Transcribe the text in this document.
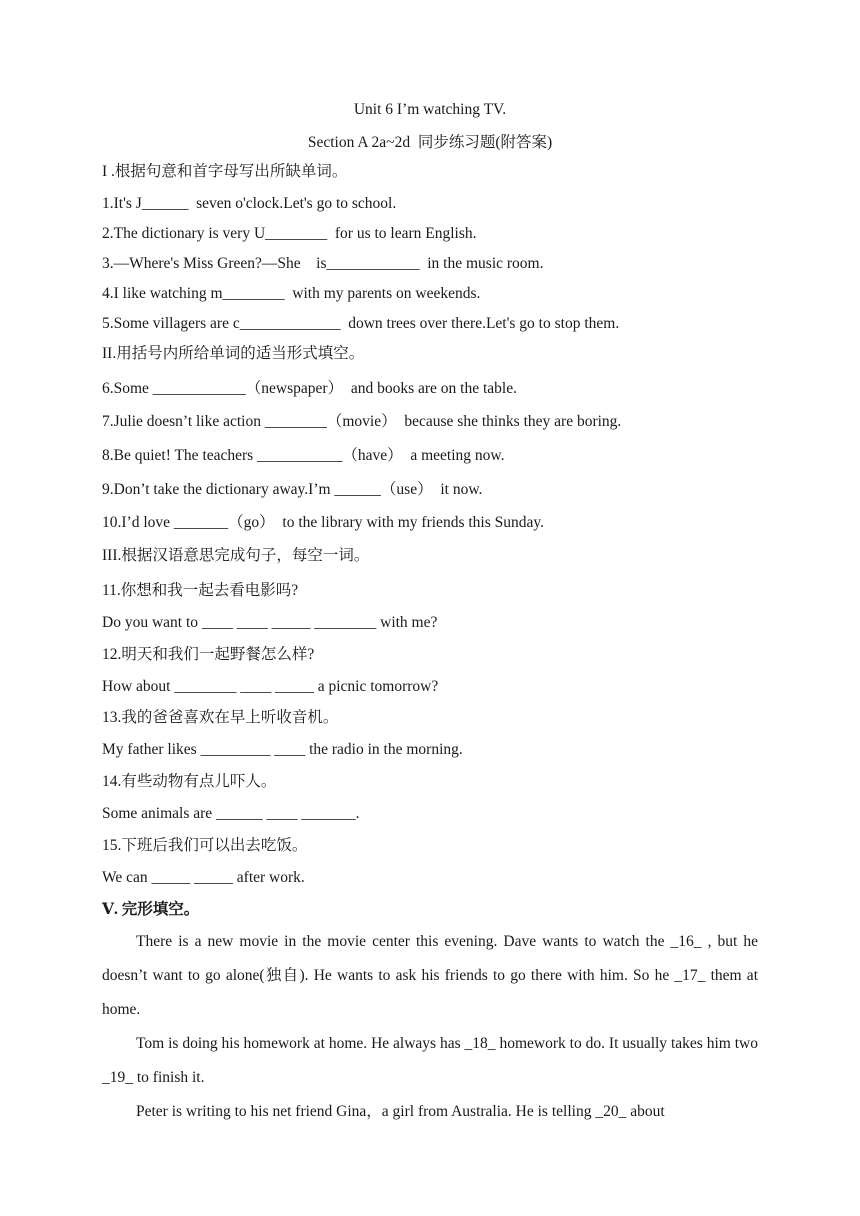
Unit 6 I’m watching TV.
Section A 2a~2d  同步练习题(附答案)
I .根据句意和首字母写出所缺单词。
1.It's J______  seven o'clock.Let's go to school.
2.The dictionary is very U________  for us to learn English.
3.—Where's Miss Green?—She    is____________  in the music room.
4.I like watching m________  with my parents on weekends.
5.Some villagers are c_____________  down trees over there.Let's go to stop them.
II.用括号内所给单词的适当形式填空。
6.Some ____________（newspaper）  and books are on the table.
7.Julie doesn’t like action ________（movie）  because she thinks they are boring.
8.Be quiet! The teachers ___________（have）  a meeting now.
9.Don’t take the dictionary away.I’m ______（use）  it now.
10.I’d love _______（go）  to the library with my friends this Sunday.
III.根据汉语意思完成句子，每空一词。
11.你想和我一起去看电影吗?
Do you want to ____ ____ _____ ________ with me?
12.明天和我们一起野餐怎么样?
How about ________ ____ _____ a picnic tomorrow?
13.我的爸爸喜欢在早上听收音机。
My father likes _________ ____ the radio in the morning.
14.有些动物有点儿吓人。
Some animals are ______ ____ _______.
15.下班后我们可以出去吃饭。
We can _____ _____ after work.
Ⅴ. 完形填空。
There is a new movie in the movie center this evening. Dave wants to watch the _16_ , but he doesn’t want to go alone(独自). He wants to ask his friends to go there with him. So he _17_ them at home.
Tom is doing his homework at home. He always has _18_ homework to do. It usually takes him two _19_ to finish it.
Peter is writing to his net friend Gina，a girl from Australia. He is telling _20_ about
